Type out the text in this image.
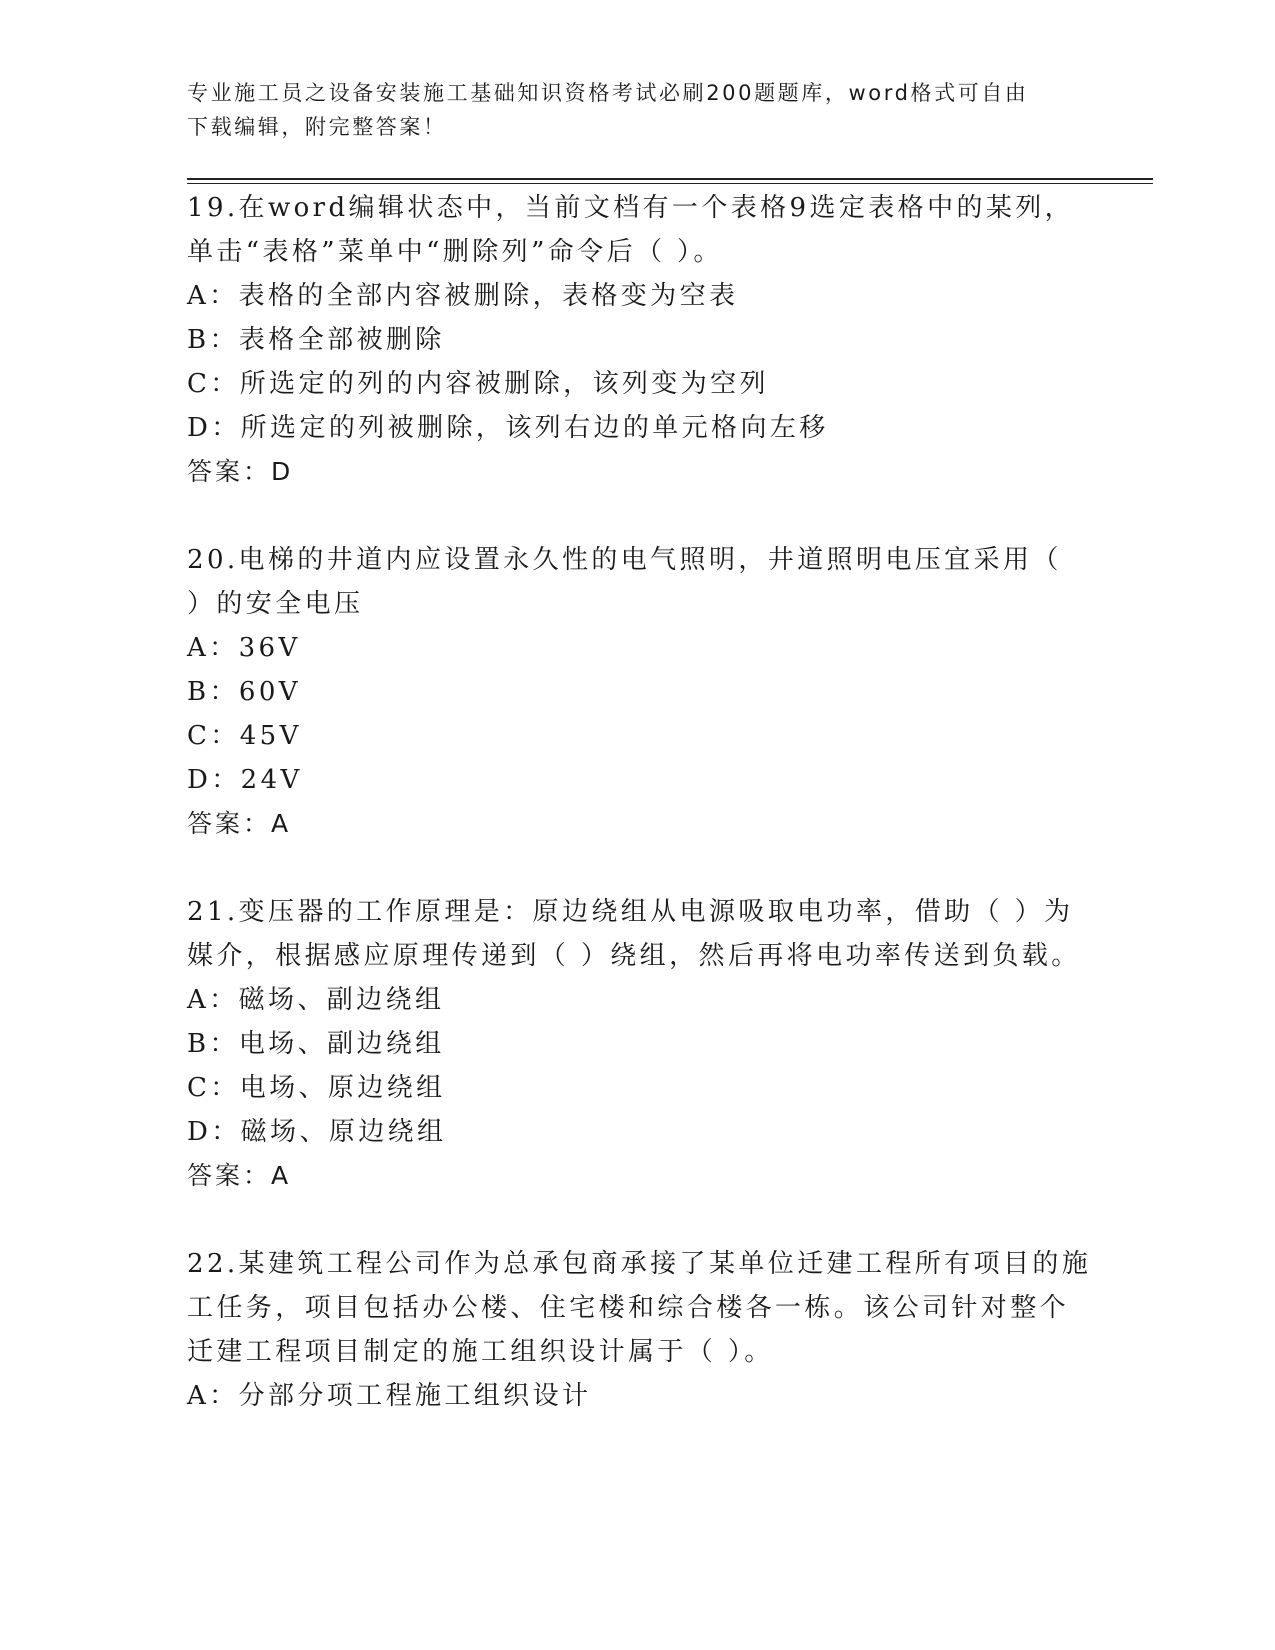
专业施工员之设备安装施工基础知识资格考试必刷200题题库，word格式可自由
下载编辑，附完整答案！
19.在word编辑状态中，当前文档有一个表格9选定表格中的某列，
单击“表格”菜单中“删除列”命令后（ ）。
A：表格的全部内容被删除，表格变为空表
B：表格全部被删除
C：所选定的列的内容被删除，该列变为空列
D：所选定的列被删除，该列右边的单元格向左移
答案：D
20.电梯的井道内应设置永久性的电气照明，井道照明电压宜采用（
）的安全电压
A：36V
B：60V
C：45V
D：24V
答案：A
21.变压器的工作原理是：原边绕组从电源吸取电功率，借助（ ）为
媒介，根据感应原理传递到（ ）绕组，然后再将电功率传送到负载。
A：磁场、副边绕组
B：电场、副边绕组
C：电场、原边绕组
D：磁场、原边绕组
答案：A
22.某建筑工程公司作为总承包商承接了某单位迁建工程所有项目的施
工任务，项目包括办公楼、住宅楼和综合楼各一栋。该公司针对整个
迁建工程项目制定的施工组织设计属于（ ）。
A：分部分项工程施工组织设计
